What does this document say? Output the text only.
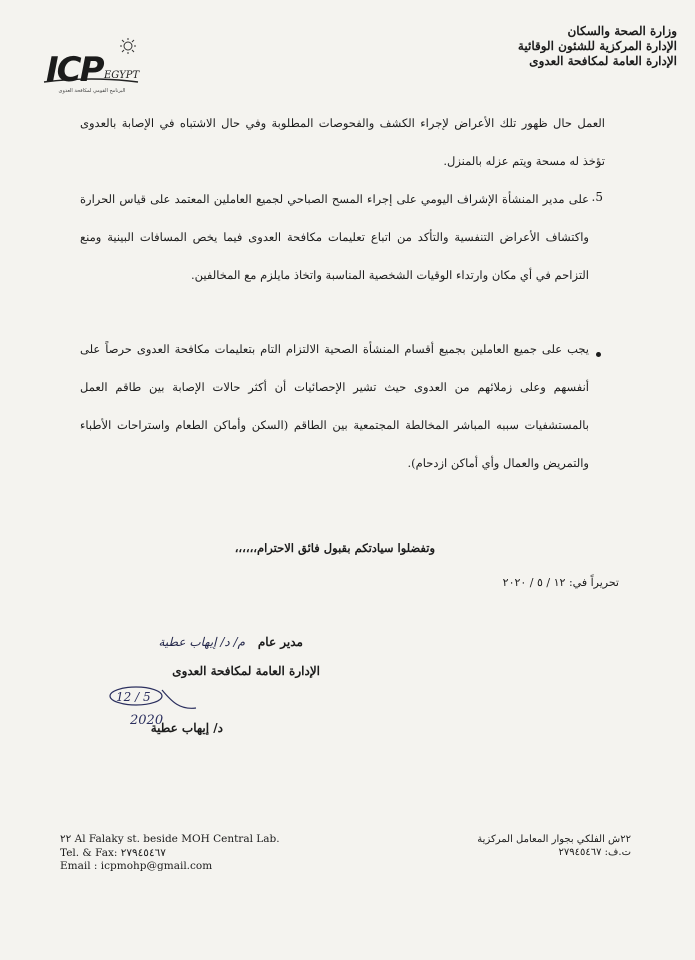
وزارة الصحة والسكان
الإدارة المركزية للشئون الوقائية
الإدارة العامة لمكافحة العدوى
ICP EGYPT
البرنامج القومي لمكافحة العدوى
العمل حال ظهور تلك الأعراض لإجراء الكشف والفحوصات المطلوبة وفي حال الاشتباه في الإصابة بالعدوى تؤخذ له مسحة ويتم عزله بالمنزل.
.5
على مدير المنشأة الإشراف اليومي على إجراء المسح الصباحي لجميع العاملين المعتمد على قياس الحرارة واكتشاف الأعراض التنفسية والتأكد من اتباع تعليمات مكافحة العدوى فيما يخص المسافات البينية ومنع التزاحم في أي مكان وارتداء الوقيات الشخصية المناسبة واتخاذ مايلزم مع المخالفين.
يجب على جميع العاملين بجميع أقسام المنشأة الصحية الالتزام التام بتعليمات مكافحة العدوى حرصاً على أنفسهم وعلى زملائهم من العدوى حيث تشير الإحصائيات أن أكثر حالات الإصابة بين طاقم العمل بالمستشفيات سببه المباشر المخالطة المجتمعية بين الطاقم (السكن وأماكن الطعام واستراحات الأطباء والتمريض والعمال وأي أماكن ازدحام).
وتفضلوا سيادتكم بقبول فائق الاحترام،،،،،،
تحريراً في: ١٢ / ٥ / ٢٠٢٠
مدير عام
م/ د/ إيهاب عطية
الإدارة العامة لمكافحة العدوى
12 / 5
2020
د/ إيهاب عطية
٢٢ Al Falaky st. beside MOH Central Lab.
Tel. & Fax: ٢٧٩٤٥٤٦٧
Email : icpmohp@gmail.com
٢٢ش الفلكي بجوار المعامل المركزية
ت.ف: ٢٧٩٤٥٤٦٧
